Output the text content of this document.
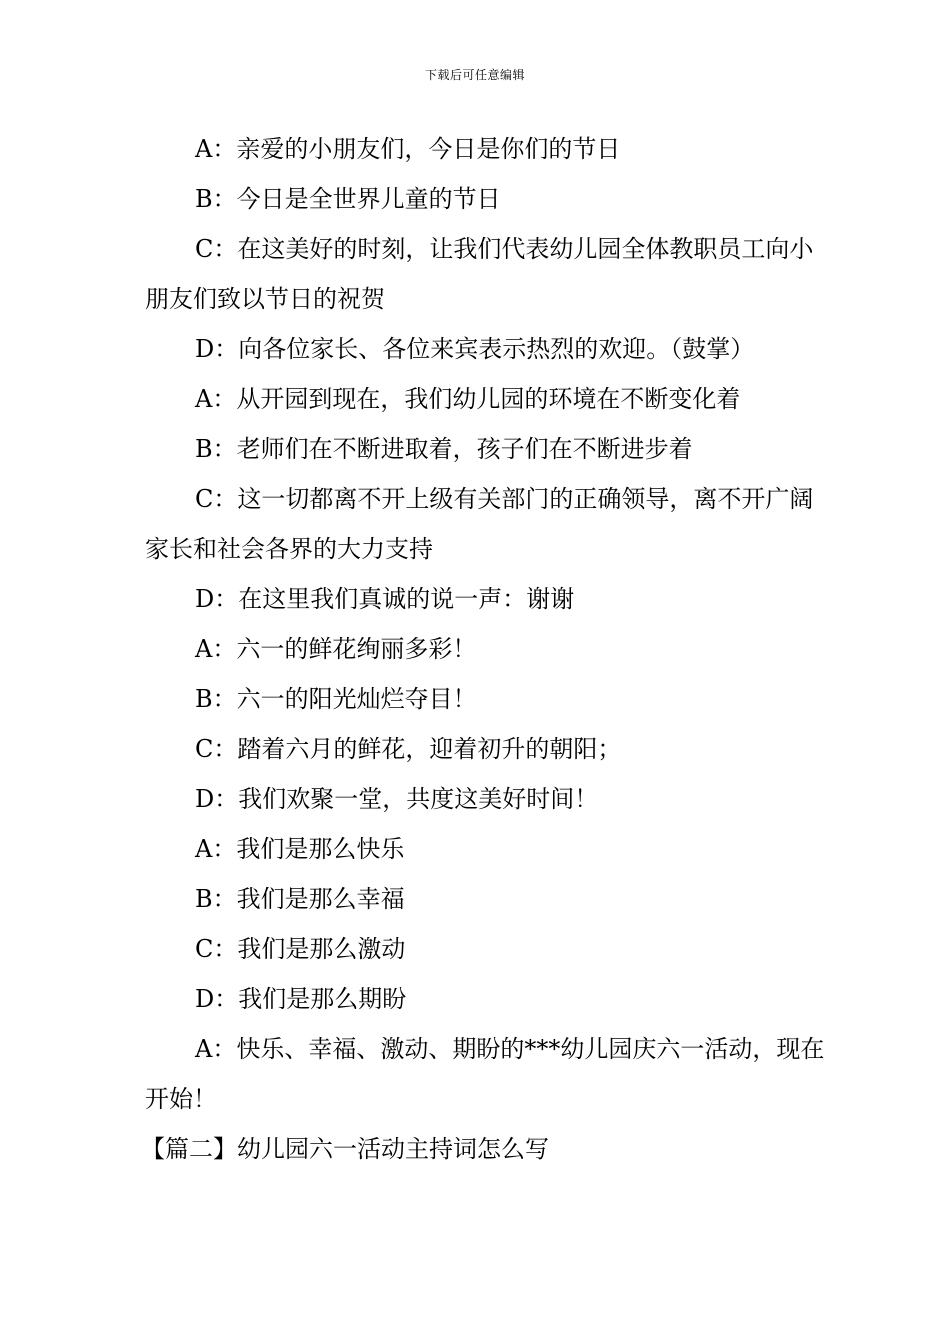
下载后可任意编辑

A：亲爱的小朋友们，今日是你们的节日

B：今日是全世界儿童的节日

C：在这美好的时刻，让我们代表幼儿园全体教职员工向小朋友们致以节日的祝贺

D：向各位家长、各位来宾表示热烈的欢迎。（鼓掌）

A：从开园到现在，我们幼儿园的环境在不断变化着

B：老师们在不断进取着，孩子们在不断进步着

C：这一切都离不开上级有关部门的正确领导，离不开广阔家长和社会各界的大力支持

D：在这里我们真诚的说一声：谢谢

A：六一的鲜花绚丽多彩！

B：六一的阳光灿烂夺目！

C：踏着六月的鲜花，迎着初升的朝阳；

D：我们欢聚一堂，共度这美好时间！

A：我们是那么快乐

B：我们是那么幸福

C：我们是那么激动

D：我们是那么期盼

A：快乐、幸福、激动、期盼的***幼儿园庆六一活动，现在开始！

【篇二】幼儿园六一活动主持词怎么写
